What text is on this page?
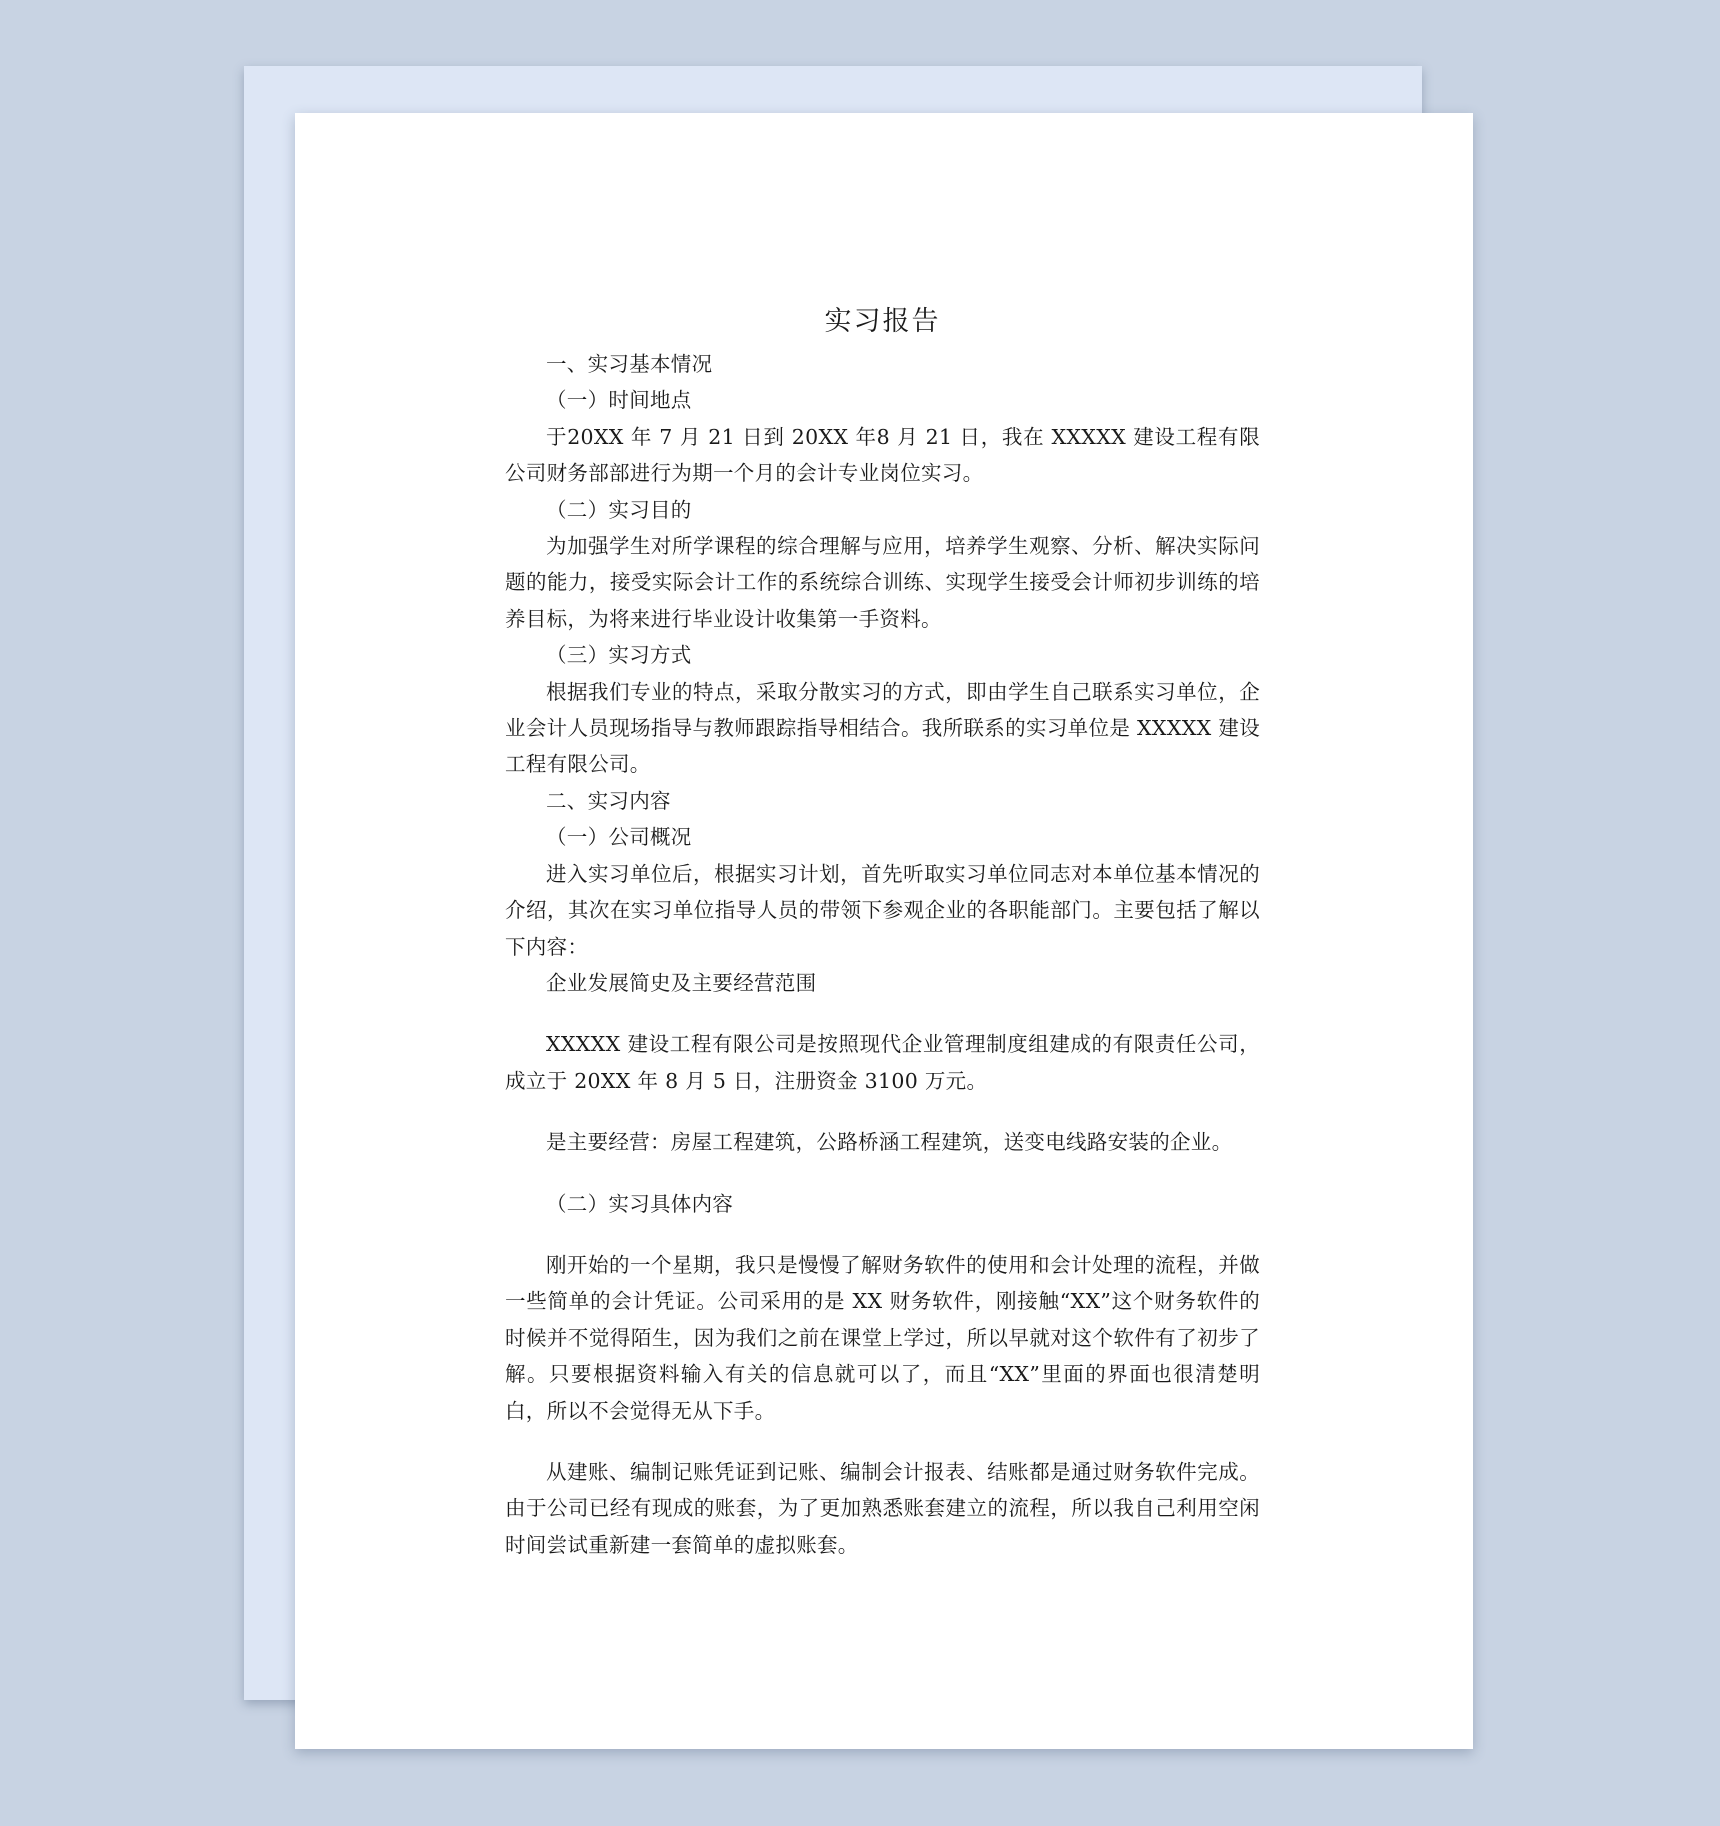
实习报告

一、实习基本情况

（一）时间地点

于20XX 年 7 月 21 日到 20XX 年8 月 21 日，我在 XXXXX 建设工程有限公司财务部部进行为期一个月的会计专业岗位实习。

（二）实习目的

为加强学生对所学课程的综合理解与应用，培养学生观察、分析、解决实际问题的能力，接受实际会计工作的系统综合训练、实现学生接受会计师初步训练的培养目标，为将来进行毕业设计收集第一手资料。

（三）实习方式

根据我们专业的特点，采取分散实习的方式，即由学生自己联系实习单位，企业会计人员现场指导与教师跟踪指导相结合。我所联系的实习单位是 XXXXX 建设工程有限公司。

二、实习内容

（一）公司概况

进入实习单位后，根据实习计划，首先听取实习单位同志对本单位基本情况的介绍，其次在实习单位指导人员的带领下参观企业的各职能部门。主要包括了解以下内容：

企业发展简史及主要经营范围

XXXXX 建设工程有限公司是按照现代企业管理制度组建成的有限责任公司，成立于 20XX 年 8 月 5 日，注册资金 3100 万元。

是主要经营：房屋工程建筑，公路桥涵工程建筑，送变电线路安装的企业。

（二）实习具体内容

刚开始的一个星期，我只是慢慢了解财务软件的使用和会计处理的流程，并做一些简单的会计凭证。公司采用的是 XX 财务软件，刚接触“XX”这个财务软件的时候并不觉得陌生，因为我们之前在课堂上学过，所以早就对这个软件有了初步了解。只要根据资料输入有关的信息就可以了，而且“XX”里面的界面也很清楚明白，所以不会觉得无从下手。

从建账、编制记账凭证到记账、编制会计报表、结账都是通过财务软件完成。由于公司已经有现成的账套，为了更加熟悉账套建立的流程，所以我自己利用空闲时间尝试重新建一套简单的虚拟账套。
